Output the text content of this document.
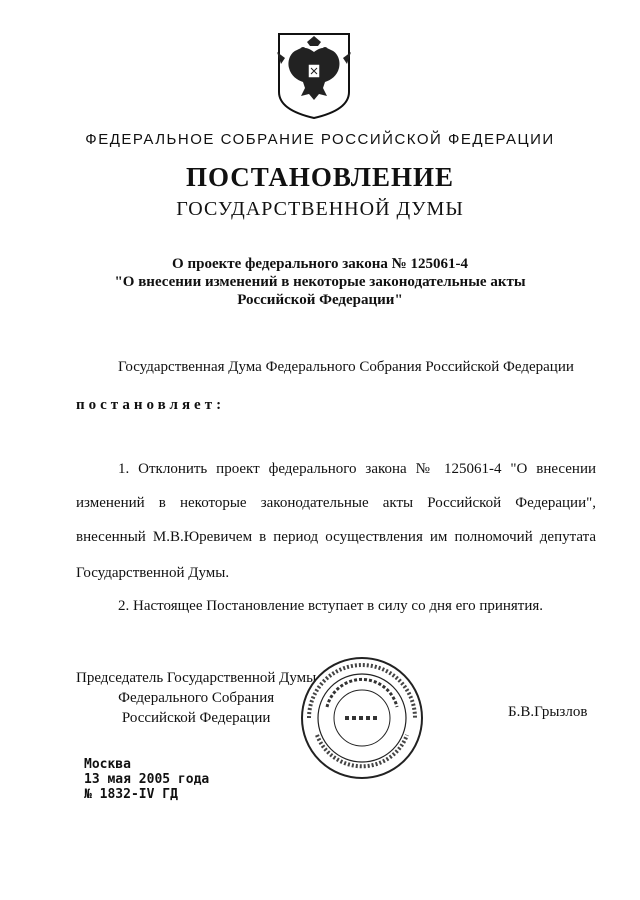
ФЕДЕРАЛЬНОЕ СОБРАНИЕ РОССИЙСКОЙ ФЕДЕРАЦИИ
ПОСТАНОВЛЕНИЕ
ГОСУДАРСТВЕННОЙ ДУМЫ
О проекте федерального закона № 125061-4
"О внесении изменений в некоторые законодательные акты
Российской Федерации"
Государственная Дума Федерального Собрания Российской Федерации
постановляет:
1. Отклонить проект федерального закона № 125061-4 "О внесении
изменений в некоторые законодательные акты Российской Федерации",
внесенный М.В.Юревичем в период осуществления им полномочий депутата
Государственной Думы.
2. Настоящее Постановление вступает в силу со дня его принятия.
Председатель Государственной Думы
Федерального Собрания
Российской Федерации	Б.В.Грызлов
Москва
13 мая 2005 года
№ 1832-IV ГД
